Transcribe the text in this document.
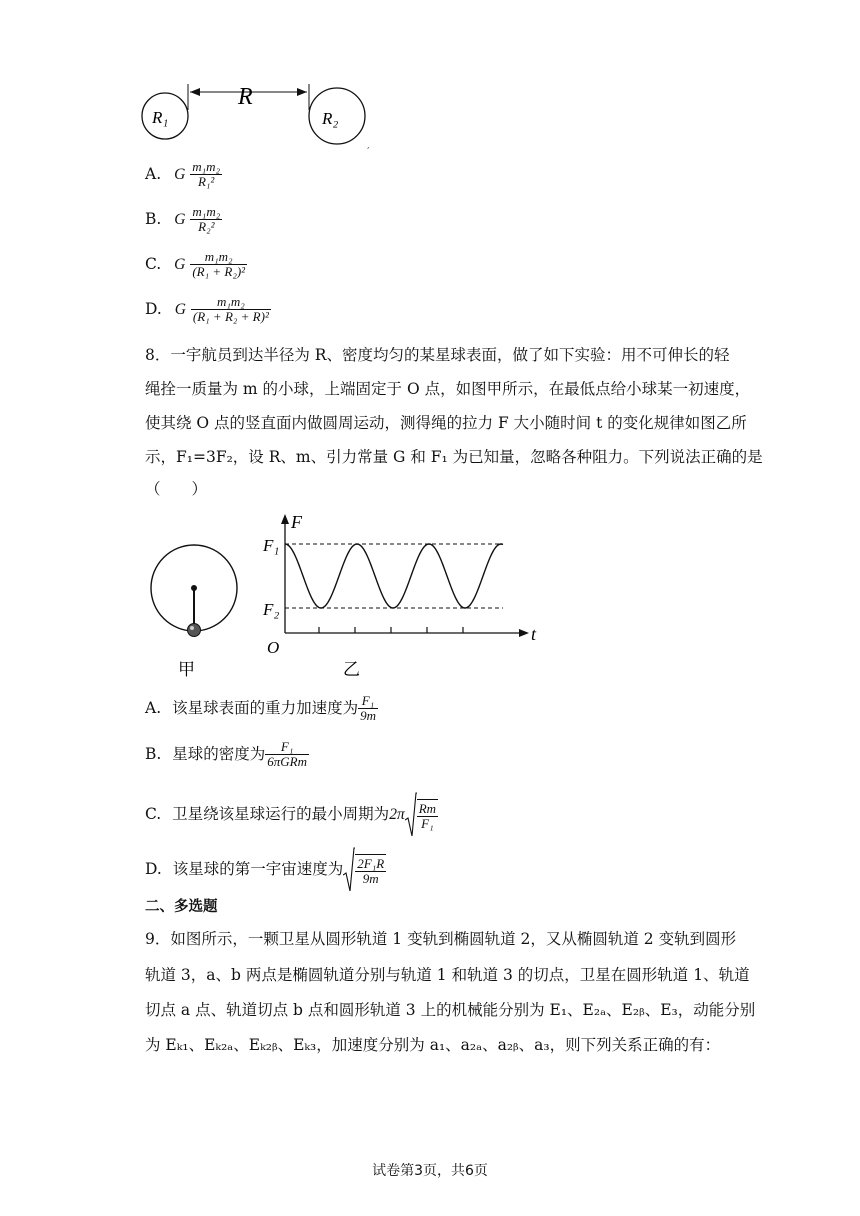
R₁	R₂
R
,
A. G $\frac{\text{m₁m₂}}{\text{R₁²}}$
B. G $\frac{\text{m₁m₂}}{\text{R₂²}}$
C. G $\frac{\text{m₁m₂}}{\text{(R₁ + R₂)²}}$
D. G $\frac{\text{m₁m₂}}{\text{(R₁ + R₂ + R)²}}$
8．一宇航员到达半径为 R、密度均匀的某星球表面，做了如下实验：用不可伸长的轻
绳拴一质量为 m 的小球，上端固定于 O 点，如图甲所示，在最低点给小球某一初速度，
使其绕 O 点的竖直面内做圆周运动，测得绳的拉力 F 大小随时间 t 的变化规律如图乙所
示，F₁=3F₂，设 R、m、引力常量 G 和 F₁ 为已知量，忽略各种阻力。下列说法正确的是
（　　）
甲
F
F₁
F₂
O
t
乙
A. 该星球表面的重力加速度为 $\frac{\text{F₁}}{9m}$
B. 星球的密度为 $\frac{\text{F₁}}{\text{6πGRm}}$
C. 卫星绕该星球运行的最小周期为$2\pi \frac{Rm}{\text{F₁}}$
D. 该星球的第一宇宙速度为 $\frac{\text{2F₁R}}{9m}$
二、多选题
9．如图所示，一颗卫星从圆形轨道 1 变轨到椭圆轨道 2，又从椭圆轨道 2 变轨到圆形
轨道 3，a、b 两点是椭圆轨道分别与轨道 1 和轨道 3 的切点，卫星在圆形轨道 1、轨道
切点 a 点、轨道切点 b 点和圆形轨道 3 上的机械能分别为 E₁、E₂ₐ、E₂ᵦ、E₃，动能分别
为 Eₖ₁、Eₖ₂ₐ、Eₖ₂ᵦ、Eₖ₃，加速度分别为 a₁、a₂ₐ、a₂ᵦ、a₃，则下列关系正确的有：
试卷第3页，共6页
